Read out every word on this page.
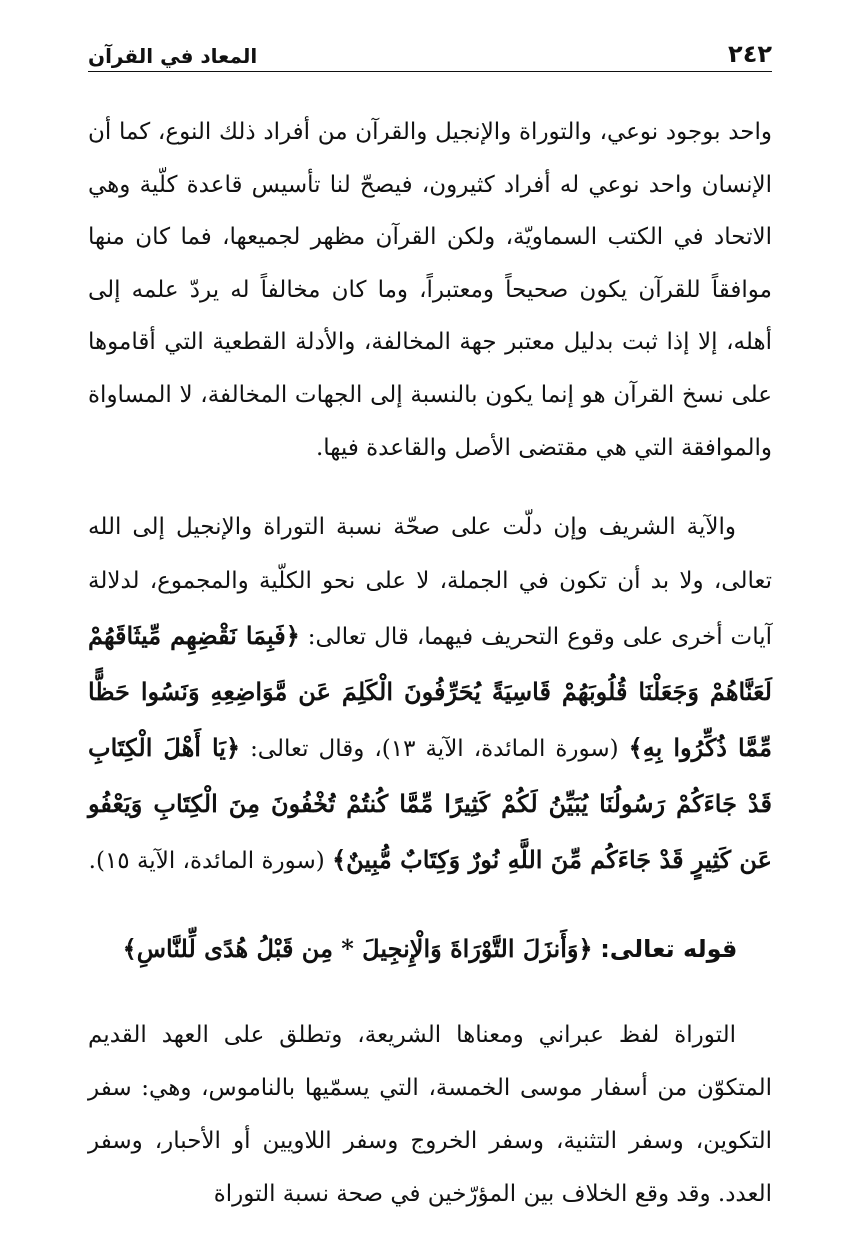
٢٤٢
المعاد في القرآن

واحد بوجود نوعي، والتوراة والإنجيل والقرآن من أفراد ذلك النوع، كما أن الإنسان واحد نوعي له أفراد كثيرون، فيصحّ لنا تأسيس قاعدة كلّية وهي الاتحاد في الكتب السماويّة، ولكن القرآن مظهر لجميعها، فما كان منها موافقاً للقرآن يكون صحيحاً ومعتبراً، وما كان مخالفاً له يردّ علمه إلى أهله، إلا إذا ثبت بدليل معتبر جهة المخالفة، والأدلة القطعية التي أقاموها على نسخ القرآن هو إنما يكون بالنسبة إلى الجهات المخالفة، لا المساواة والموافقة التي هي مقتضى الأصل والقاعدة فيها.

والآية الشريف وإن دلّت على صحّة نسبة التوراة والإنجيل إلى الله تعالى، ولا بد أن تكون في الجملة، لا على نحو الكلّية والمجموع، لدلالة آيات أخرى على وقوع التحريف فيهما، قال تعالى: ﴿فَبِمَا نَقْضِهِم مِّيثَاقَهُمْ لَعَنَّاهُمْ وَجَعَلْنَا قُلُوبَهُمْ قَاسِيَةً يُحَرِّفُونَ الْكَلِمَ عَن مَّوَاضِعِهِ وَنَسُوا حَظًّا مِّمَّا ذُكِّرُوا بِهِ﴾ (سورة المائدة، الآية ١٣)، وقال تعالى: ﴿يَا أَهْلَ الْكِتَابِ قَدْ جَاءَكُمْ رَسُولُنَا يُبَيِّنُ لَكُمْ كَثِيرًا مِّمَّا كُنتُمْ تُخْفُونَ مِنَ الْكِتَابِ وَيَعْفُو عَن كَثِيرٍ قَدْ جَاءَكُم مِّنَ اللَّهِ نُورٌ وَكِتَابٌ مُّبِينٌ﴾ (سورة المائدة، الآية ١٥).

قوله تعالى: ﴿وَأَنزَلَ التَّوْرَاةَ وَالْإِنجِيلَ * مِن قَبْلُ هُدًى لِّلنَّاسِ﴾

التوراة لفظ عبراني ومعناها الشريعة، وتطلق على العهد القديم المتكوّن من أسفار موسى الخمسة، التي يسمّيها بالناموس، وهي: سفر التكوين، وسفر التثنية، وسفر الخروج وسفر اللاويين أو الأحبار، وسفر العدد. وقد وقع الخلاف بين المؤرّخين في صحة نسبة التوراة
